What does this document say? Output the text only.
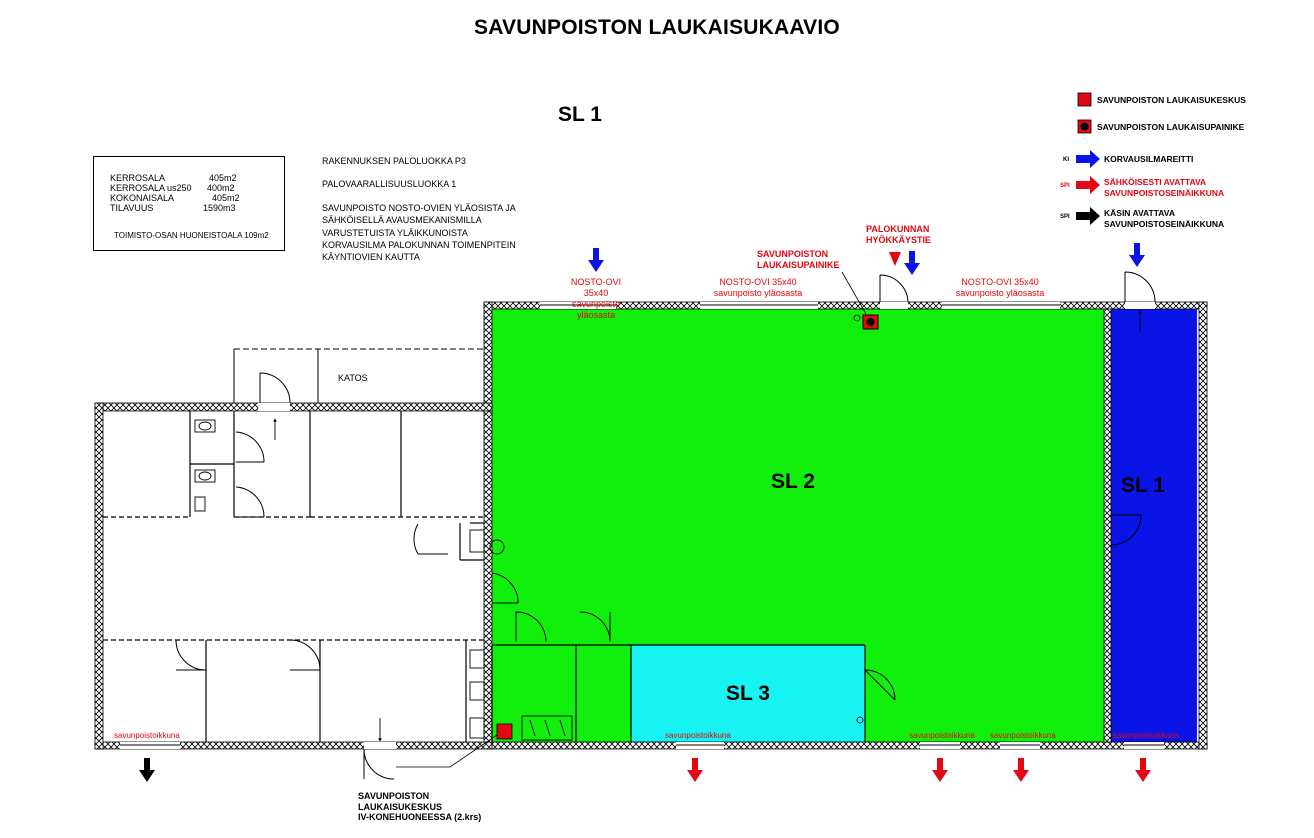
SAVUNPOISTON LAUKAISUKAAVIO
SL 1
SL 2	SL 1
SL 3
KERROSALA	405m2
KERROSALA us250 400m2
KOKONAISALA	405m2
TILAVUUS	1590m3
TOIMISTO-OSAN HUONEISTOALA 109m2
RAKENNUKSEN PALOLUOKKA P3
PALOVAARALLISUUSLUOKKA 1
SAVUNPOISTO NOSTO-OVIEN YLÄOSISTA JA
SÄHKÖISELLÄ AVAUSMEKANISMILLA
VARUSTETUISTA YLÄIKKUNOISTA
KORVAUSILMA PALOKUNNAN TOIMENPITEIN
KÄYNTIOVIEN KAUTTA
SAVUNPOISTON LAUKAISUKESKUS
SAVUNPOISTON LAUKAISUPAINIKE
KI	KORVAUSILMAREITTI
SPI	SÄHKÖISESTI AVATTAVA
SAVUNPOISTOSEINÄIKKUNA
SPI	KÄSIN AVATTAVA
SAVUNPOISTOSEINÄIKKUNA
NOSTO-OVI 35x40
savunpoisto yläosasta
NOSTO-OVI 35x40
savunpoisto yläosasta
NOSTO-OVI 35x40
savunpoisto yläosasta
SAVUNPOISTON
LAUKAISUPAINIKE
PALOKUNNAN
HYÖKKÄYSTIE
KATOS
savunpoistoikkuna	savunpoistoikkuna	savunpoistoikkuna savunpoistoikkuna	savunpoistoikkuna
SAVUNPOISTON
LAUKAISUKESKUS
IV-KONEHUONEESSA (2.krs)
